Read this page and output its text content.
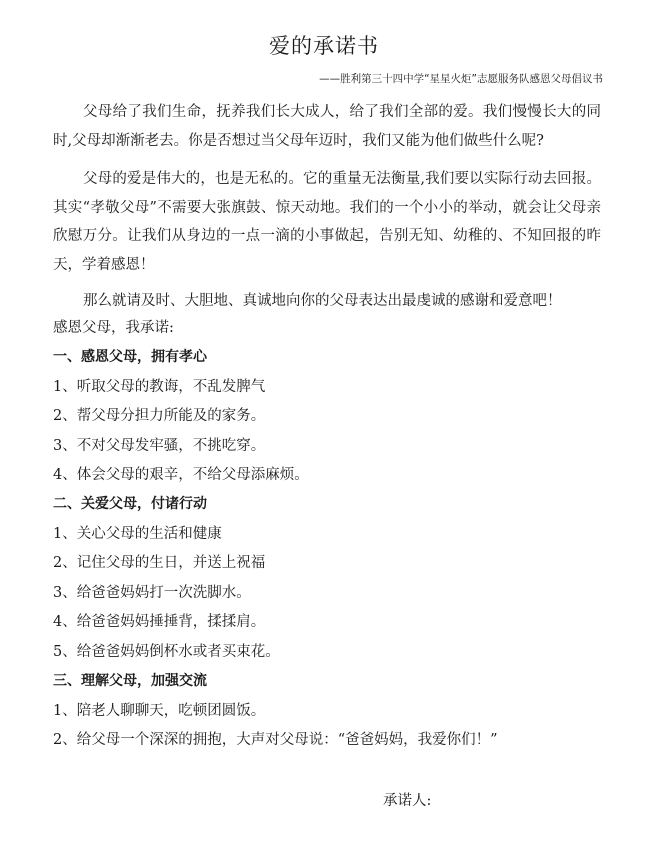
爱的承诺书
——胜利第三十四中学“星星火炬”志愿服务队感恩父母倡议书

父母给了我们生命，抚养我们长大成人，给了我们全部的爱。我们慢慢长大的同时,父母却渐渐老去。你是否想过当父母年迈时，我们又能为他们做些什么呢?

父母的爱是伟大的，也是无私的。它的重量无法衡量,我们要以实际行动去回报。其实“孝敬父母”不需要大张旗鼓、惊天动地。我们的一个小小的举动，就会让父母亲欣慰万分。让我们从身边的一点一滴的小事做起，告别无知、幼稚的、不知回报的昨天，学着感恩！

那么就请及时、大胆地、真诚地向你的父母表达出最虔诚的感谢和爱意吧！

感恩父母，我承诺:
一、感恩父母，拥有孝心
1、听取父母的教诲，不乱发脾气
2、帮父母分担力所能及的家务。
3、不对父母发牢骚，不挑吃穿。
4、体会父母的艰辛，不给父母添麻烦。
二、关爱父母，付诸行动
1、关心父母的生活和健康
2、记住父母的生日，并送上祝福
3、给爸爸妈妈打一次洗脚水。
4、给爸爸妈妈捶捶背，揉揉肩。
5、给爸爸妈妈倒杯水或者买束花。
三、理解父母，加强交流
1、陪老人聊聊天，吃顿团圆饭。
2、给父母一个深深的拥抱，大声对父母说：“爸爸妈妈，我爱你们！”
承诺人:
